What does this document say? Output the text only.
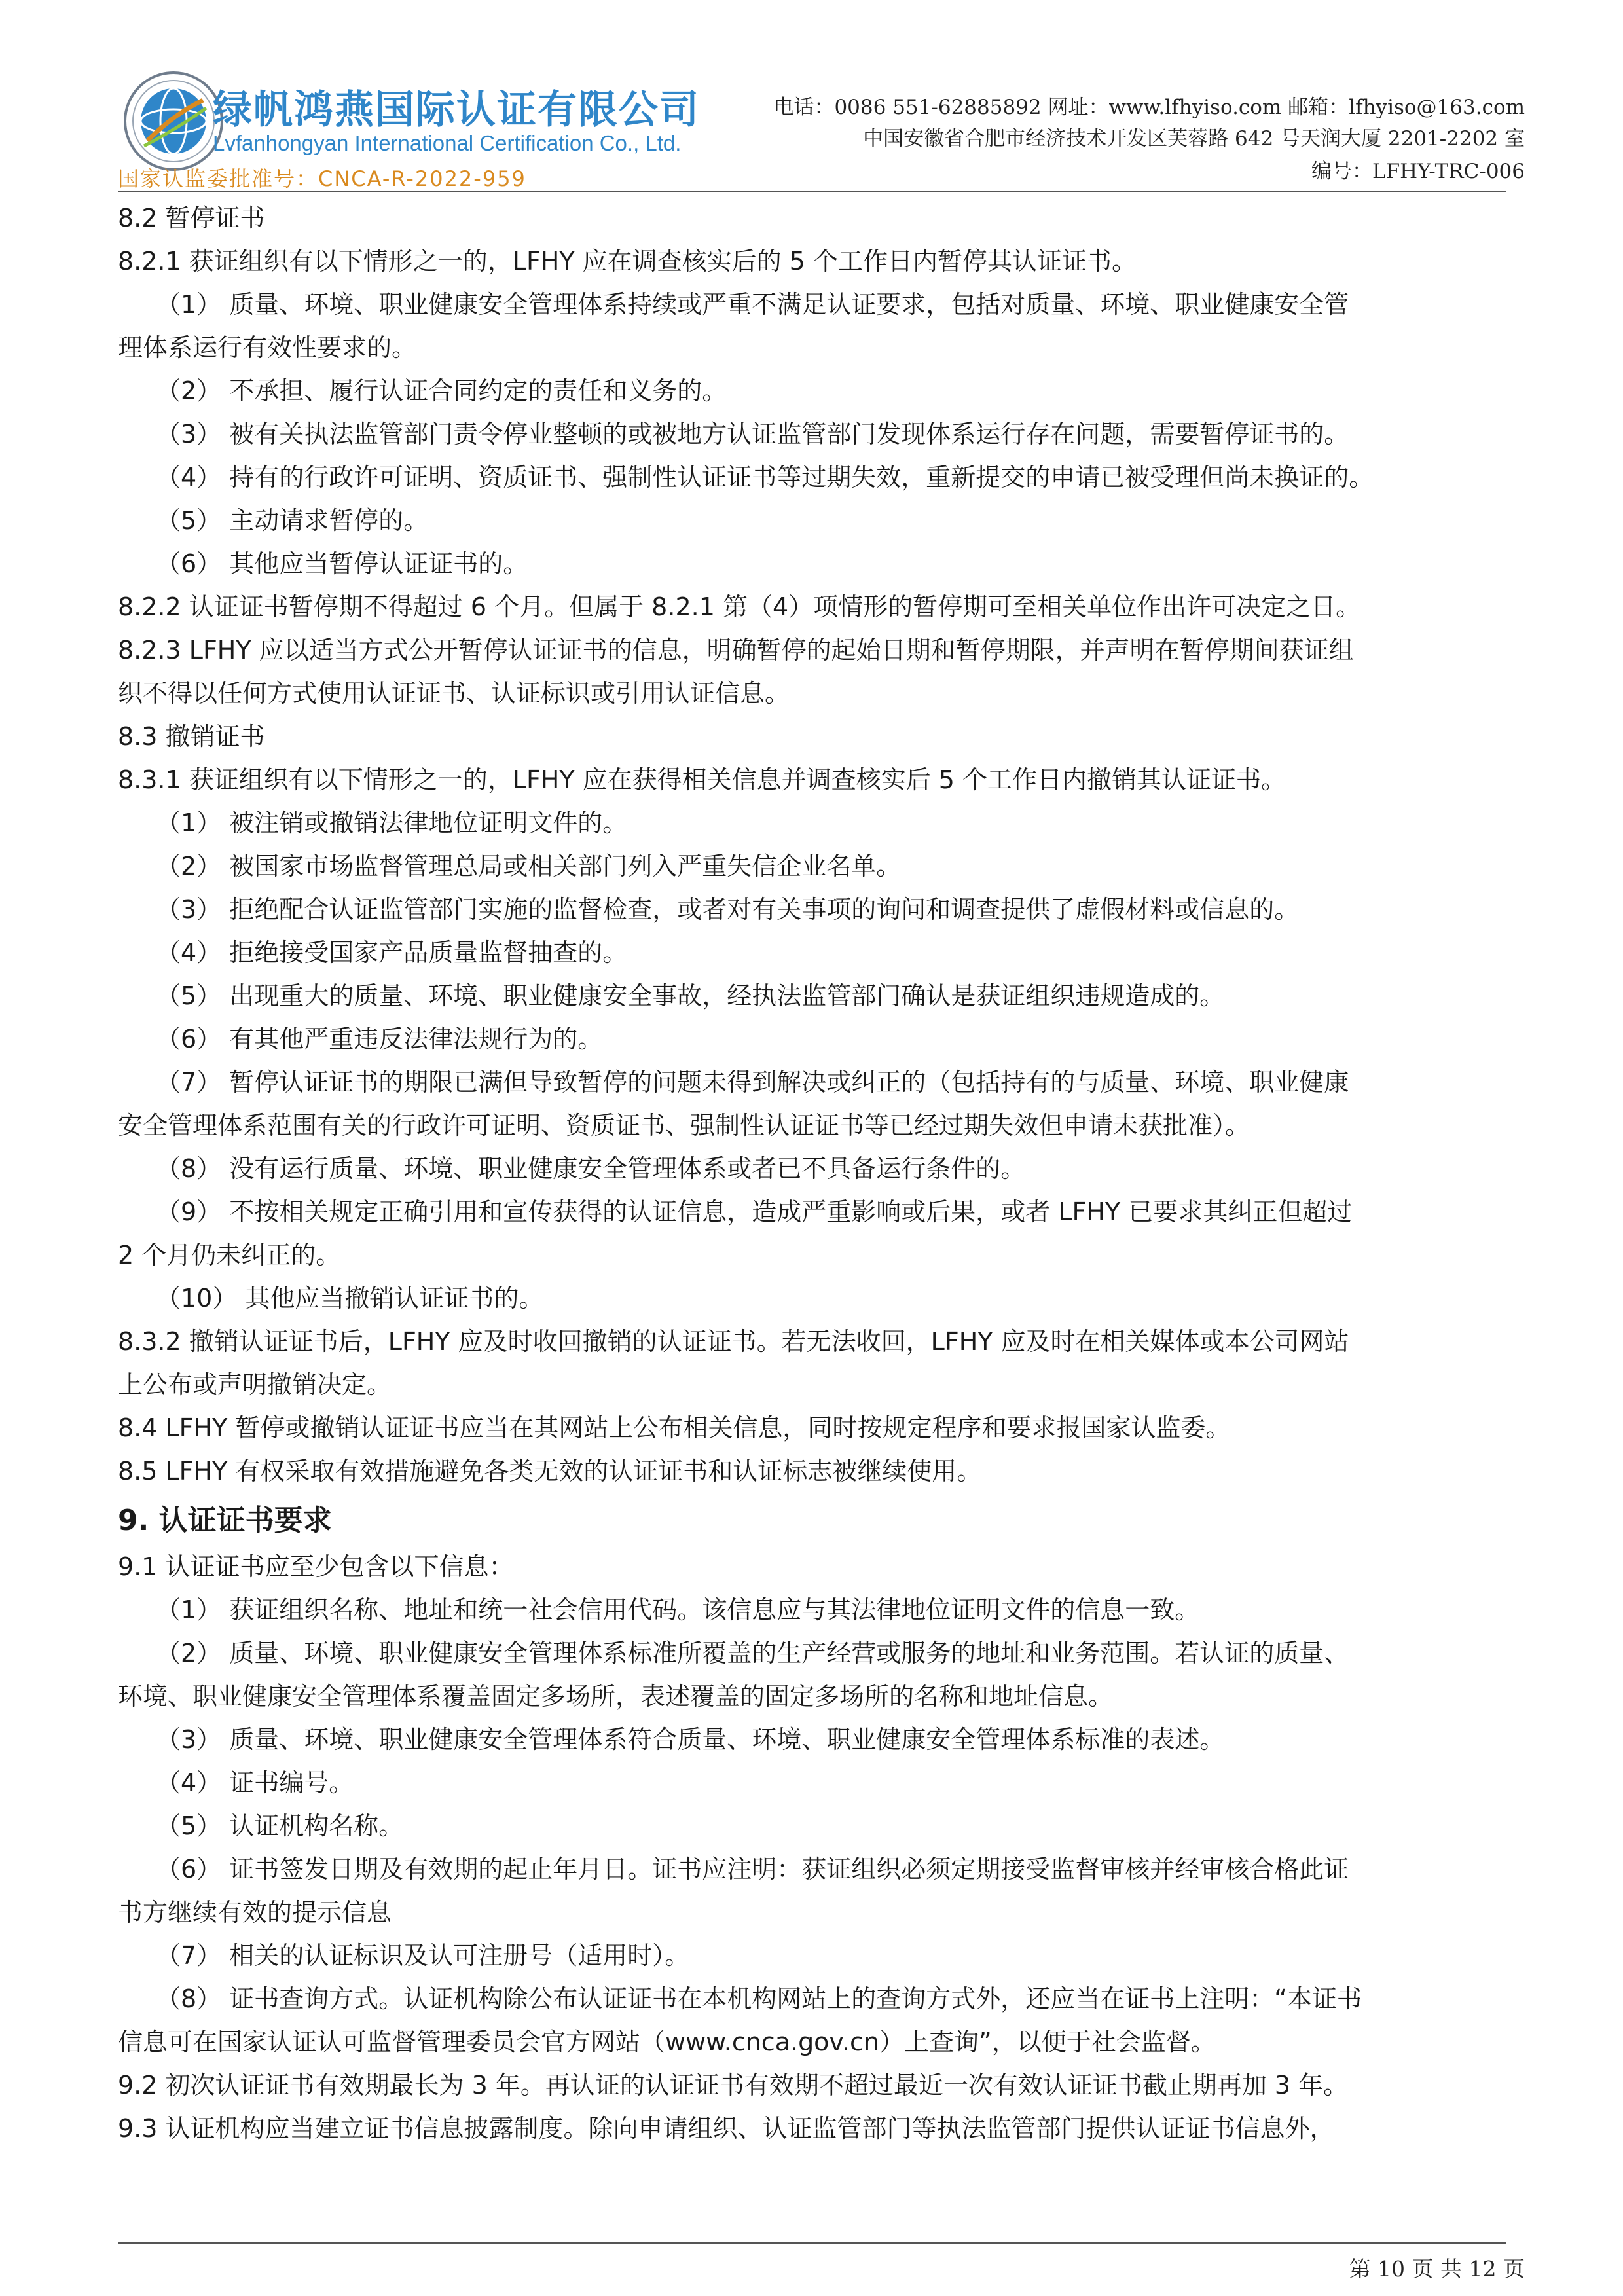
绿帆鸿燕国际认证有限公司
Lvfanhongyan International Certification Co., Ltd.
国家认监委批准号：CNCA-R-2022-959
电话：0086 551-62885892 网址：www.lfhyiso.com 邮箱：lfhyiso@163.com
中国安徽省合肥市经济技术开发区芙蓉路 642 号天润大厦 2201-2202 室
编号：LFHY-TRC-006
8.2 暂停证书
8.2.1 获证组织有以下情形之一的，LFHY 应在调查核实后的 5 个工作日内暂停其认证证书。
（1） 质量、环境、职业健康安全管理体系持续或严重不满足认证要求，包括对质量、环境、职业健康安全管
理体系运行有效性要求的。
（2） 不承担、履行认证合同约定的责任和义务的。
（3） 被有关执法监管部门责令停业整顿的或被地方认证监管部门发现体系运行存在问题，需要暂停证书的。
（4） 持有的行政许可证明、资质证书、强制性认证证书等过期失效，重新提交的申请已被受理但尚未换证的。
（5） 主动请求暂停的。
（6） 其他应当暂停认证证书的。
8.2.2 认证证书暂停期不得超过 6 个月。但属于 8.2.1 第（4）项情形的暂停期可至相关单位作出许可决定之日。
8.2.3 LFHY 应以适当方式公开暂停认证证书的信息，明确暂停的起始日期和暂停期限，并声明在暂停期间获证组
织不得以任何方式使用认证证书、认证标识或引用认证信息。
8.3 撤销证书
8.3.1 获证组织有以下情形之一的，LFHY 应在获得相关信息并调查核实后 5 个工作日内撤销其认证证书。
（1） 被注销或撤销法律地位证明文件的。
（2） 被国家市场监督管理总局或相关部门列入严重失信企业名单。
（3） 拒绝配合认证监管部门实施的监督检查，或者对有关事项的询问和调查提供了虚假材料或信息的。
（4） 拒绝接受国家产品质量监督抽查的。
（5） 出现重大的质量、环境、职业健康安全事故，经执法监管部门确认是获证组织违规造成的。
（6） 有其他严重违反法律法规行为的。
（7） 暂停认证证书的期限已满但导致暂停的问题未得到解决或纠正的（包括持有的与质量、环境、职业健康
安全管理体系范围有关的行政许可证明、资质证书、强制性认证证书等已经过期失效但申请未获批准）。
（8） 没有运行质量、环境、职业健康安全管理体系或者已不具备运行条件的。
（9） 不按相关规定正确引用和宣传获得的认证信息，造成严重影响或后果，或者 LFHY 已要求其纠正但超过
2 个月仍未纠正的。
（10） 其他应当撤销认证证书的。
8.3.2 撤销认证证书后，LFHY 应及时收回撤销的认证证书。若无法收回，LFHY 应及时在相关媒体或本公司网站
上公布或声明撤销决定。
8.4 LFHY 暂停或撤销认证证书应当在其网站上公布相关信息，同时按规定程序和要求报国家认监委。
8.5 LFHY 有权采取有效措施避免各类无效的认证证书和认证标志被继续使用。
9. 认证证书要求
9.1 认证证书应至少包含以下信息：
（1） 获证组织名称、地址和统一社会信用代码。该信息应与其法律地位证明文件的信息一致。
（2） 质量、环境、职业健康安全管理体系标准所覆盖的生产经营或服务的地址和业务范围。若认证的质量、
环境、职业健康安全管理体系覆盖固定多场所，表述覆盖的固定多场所的名称和地址信息。
（3） 质量、环境、职业健康安全管理体系符合质量、环境、职业健康安全管理体系标准的表述。
（4） 证书编号。
（5） 认证机构名称。
（6） 证书签发日期及有效期的起止年月日。证书应注明：获证组织必须定期接受监督审核并经审核合格此证
书方继续有效的提示信息
（7） 相关的认证标识及认可注册号（适用时）。
（8） 证书查询方式。认证机构除公布认证证书在本机构网站上的查询方式外，还应当在证书上注明：“本证书
信息可在国家认证认可监督管理委员会官方网站（www.cnca.gov.cn）上查询”，以便于社会监督。
9.2 初次认证证书有效期最长为 3 年。再认证的认证证书有效期不超过最近一次有效认证证书截止期再加 3 年。
9.3 认证机构应当建立证书信息披露制度。除向申请组织、认证监管部门等执法监管部门提供认证证书信息外，
第 10 页 共 12 页
